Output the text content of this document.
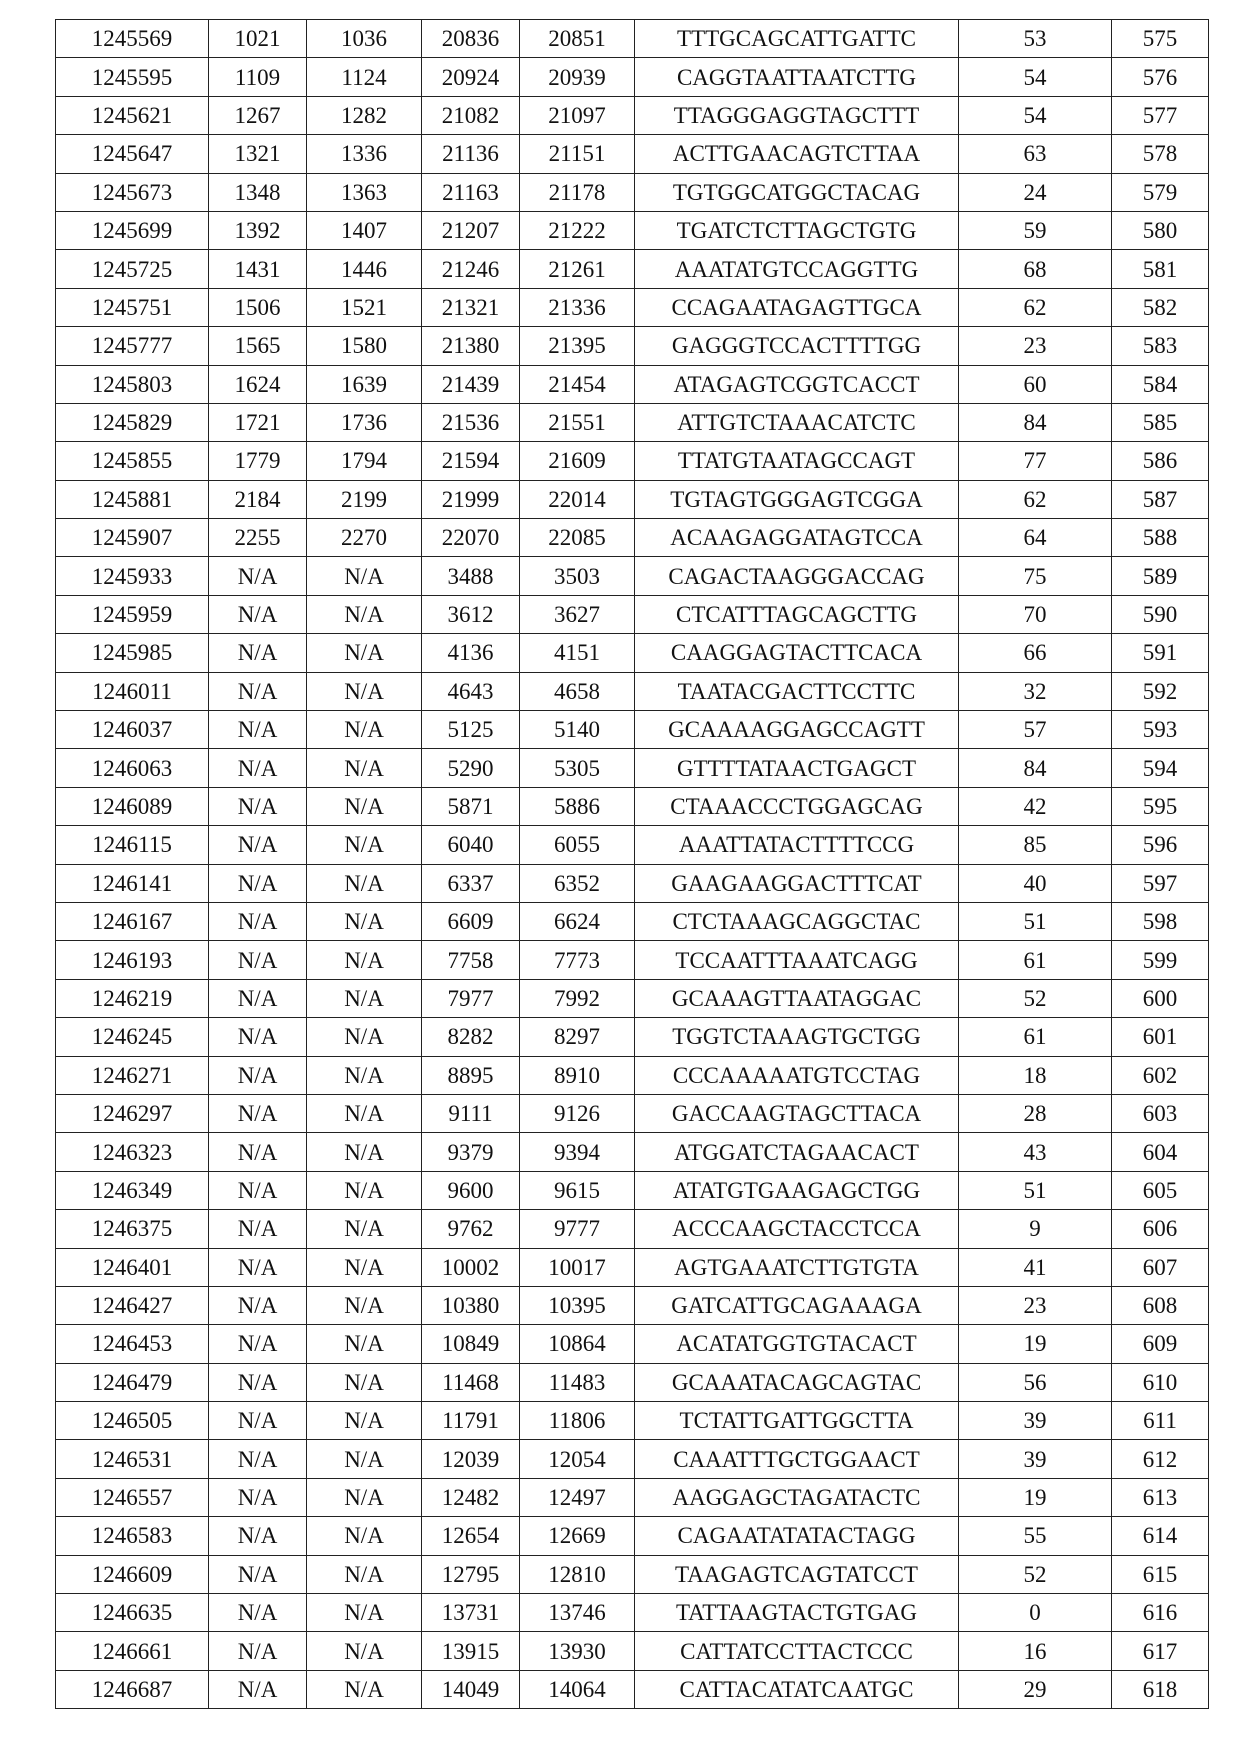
1245569	1021	1036	20836	20851	TTTGCAGCATTGATTC	53	575
1245595	1109	1124	20924	20939	CAGGTAATTAATCTTG	54	576
1245621	1267	1282	21082	21097	TTAGGGAGGTAGCTTT	54	577
1245647	1321	1336	21136	21151	ACTTGAACAGTCTTAA	63	578
1245673	1348	1363	21163	21178	TGTGGCATGGCTACAG	24	579
1245699	1392	1407	21207	21222	TGATCTCTTAGCTGTG	59	580
1245725	1431	1446	21246	21261	AAATATGTCCAGGTTG	68	581
1245751	1506	1521	21321	21336	CCAGAATAGAGTTGCA	62	582
1245777	1565	1580	21380	21395	GAGGGTCCACTTTTGG	23	583
1245803	1624	1639	21439	21454	ATAGAGTCGGTCACCT	60	584
1245829	1721	1736	21536	21551	ATTGTCTAAACATCTC	84	585
1245855	1779	1794	21594	21609	TTATGTAATAGCCAGT	77	586
1245881	2184	2199	21999	22014	TGTAGTGGGAGTCGGA	62	587
1245907	2255	2270	22070	22085	ACAAGAGGATAGTCCA	64	588
1245933	N/A	N/A	3488	3503	CAGACTAAGGGACCAG	75	589
1245959	N/A	N/A	3612	3627	CTCATTTAGCAGCTTG	70	590
1245985	N/A	N/A	4136	4151	CAAGGAGTACTTCACA	66	591
1246011	N/A	N/A	4643	4658	TAATACGACTTCCTTC	32	592
1246037	N/A	N/A	5125	5140	GCAAAAGGAGCCAGTT	57	593
1246063	N/A	N/A	5290	5305	GTTTTATAACTGAGCT	84	594
1246089	N/A	N/A	5871	5886	CTAAACCCTGGAGCAG	42	595
1246115	N/A	N/A	6040	6055	AAATTATACTTTTCCG	85	596
1246141	N/A	N/A	6337	6352	GAAGAAGGACTTTCAT	40	597
1246167	N/A	N/A	6609	6624	CTCTAAAGCAGGCTAC	51	598
1246193	N/A	N/A	7758	7773	TCCAATTTAAATCAGG	61	599
1246219	N/A	N/A	7977	7992	GCAAAGTTAATAGGAC	52	600
1246245	N/A	N/A	8282	8297	TGGTCTAAAGTGCTGG	61	601
1246271	N/A	N/A	8895	8910	CCCAAAAATGTCCTAG	18	602
1246297	N/A	N/A	9111	9126	GACCAAGTAGCTTACA	28	603
1246323	N/A	N/A	9379	9394	ATGGATCTAGAACACT	43	604
1246349	N/A	N/A	9600	9615	ATATGTGAAGAGCTGG	51	605
1246375	N/A	N/A	9762	9777	ACCCAAGCTACCTCCA	9	606
1246401	N/A	N/A	10002	10017	AGTGAAATCTTGTGTA	41	607
1246427	N/A	N/A	10380	10395	GATCATTGCAGAAAGA	23	608
1246453	N/A	N/A	10849	10864	ACATATGGTGTACACT	19	609
1246479	N/A	N/A	11468	11483	GCAAATACAGCAGTAC	56	610
1246505	N/A	N/A	11791	11806	TCTATTGATTGGCTTA	39	611
1246531	N/A	N/A	12039	12054	CAAATTTGCTGGAACT	39	612
1246557	N/A	N/A	12482	12497	AAGGAGCTAGATACTC	19	613
1246583	N/A	N/A	12654	12669	CAGAATATATACTAGG	55	614
1246609	N/A	N/A	12795	12810	TAAGAGTCAGTATCCT	52	615
1246635	N/A	N/A	13731	13746	TATTAAGTACTGTGAG	0	616
1246661	N/A	N/A	13915	13930	CATTATCCTTACTCCC	16	617
1246687	N/A	N/A	14049	14064	CATTACATATCAATGC	29	618
